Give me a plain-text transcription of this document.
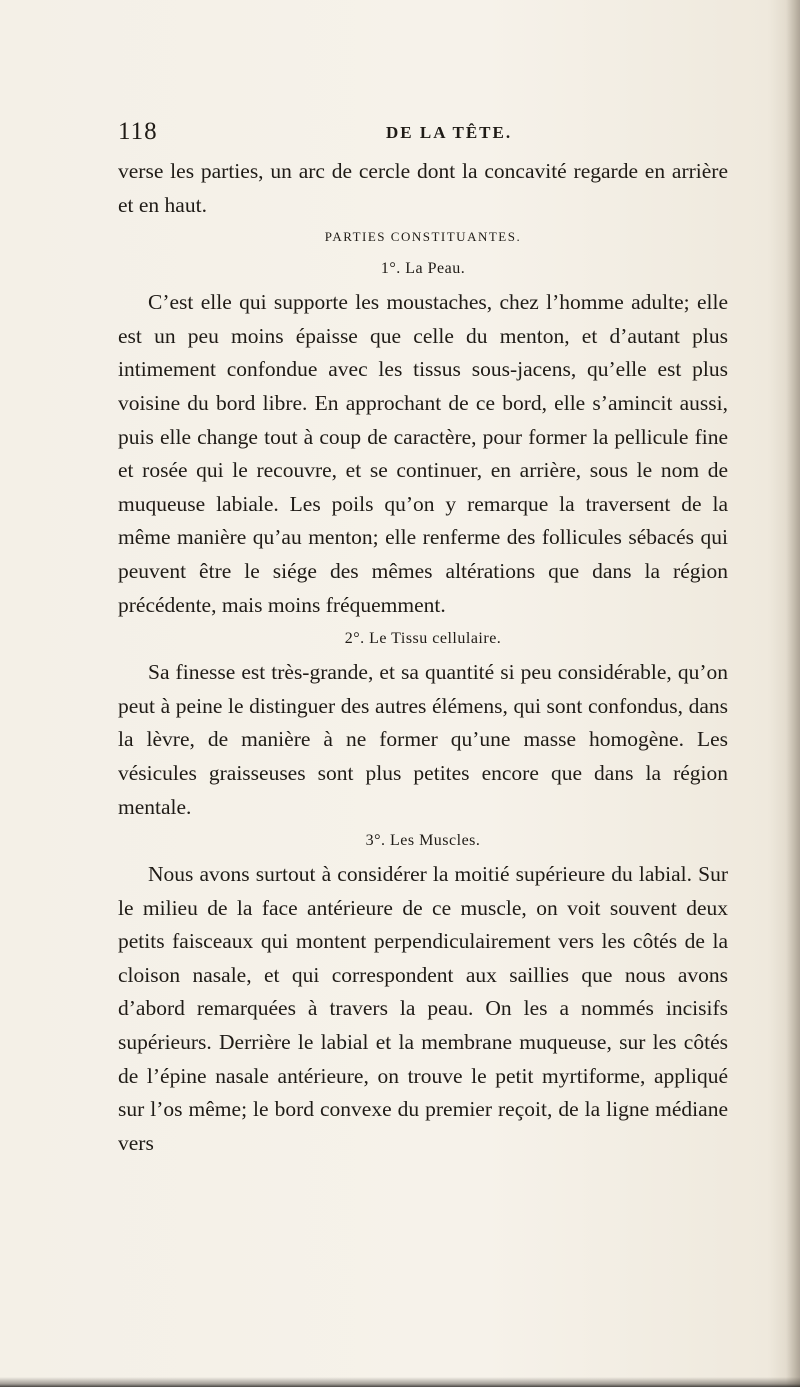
118	DE LA TÊTE.

verse les parties, un arc de cercle dont la concavité regarde en arrière et en haut.

PARTIES CONSTITUANTES.

1°. La Peau.

C’est elle qui supporte les moustaches, chez l’homme adulte; elle est un peu moins épaisse que celle du menton, et d’autant plus intimement confondue avec les tissus sous-jacens, qu’elle est plus voisine du bord libre. En approchant de ce bord, elle s’amincit aussi, puis elle change tout à coup de caractère, pour former la pellicule fine et rosée qui le recouvre, et se continuer, en arrière, sous le nom de muqueuse labiale. Les poils qu’on y remarque la traversent de la même manière qu’au menton; elle renferme des follicules sébacés qui peuvent être le siége des mêmes altérations que dans la région précédente, mais moins fréquemment.

2°. Le Tissu cellulaire.

Sa finesse est très-grande, et sa quantité si peu considérable, qu’on peut à peine le distinguer des autres élémens, qui sont confondus, dans la lèvre, de manière à ne former qu’une masse homogène. Les vésicules graisseuses sont plus petites encore que dans la région mentale.

3°. Les Muscles.

Nous avons surtout à considérer la moitié supérieure du labial. Sur le milieu de la face antérieure de ce muscle, on voit souvent deux petits faisceaux qui montent perpendiculairement vers les côtés de la cloison nasale, et qui correspondent aux saillies que nous avons d’abord remarquées à travers la peau. On les a nommés incisifs supérieurs. Derrière le labial et la membrane muqueuse, sur les côtés de l’épine nasale antérieure, on trouve le petit myrtiforme, appliqué sur l’os même; le bord convexe du premier reçoit, de la ligne médiane vers
